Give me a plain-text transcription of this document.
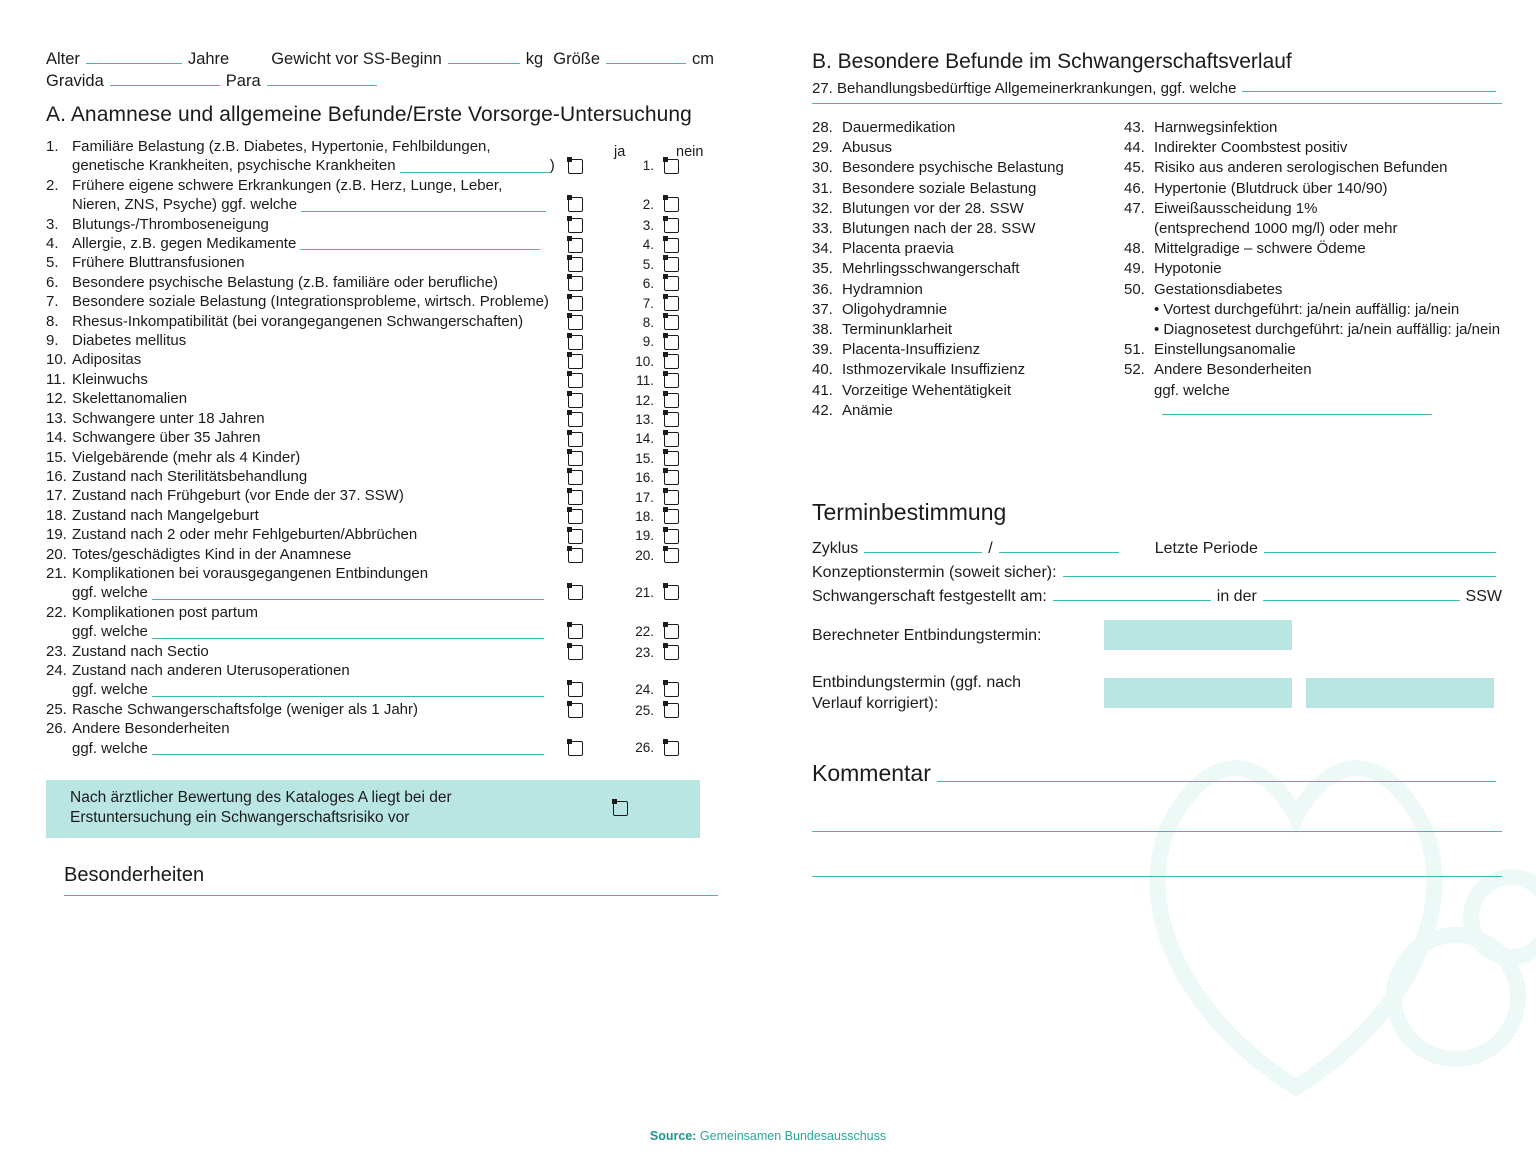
Alter	Jahre	Gewicht vor SS-Beginn	kg Größe	cm
Gravida	Para
A. Anamnese und allgemeine Befunde/Erste Vorsorge-Untersuchung
ja	nein
1. Familiäre Belastung (z.B. Diabetes, Hypertonie, Fehlbildungen,
genetische Krankheiten, psychische Krankheiten	)	1.
2. Frühere eigene schwere Erkrankungen (z.B. Herz, Lunge, Leber,
Nieren, ZNS, Psyche) ggf. welche	2.
3. Blutungs-/Thromboseneigung	3.
4. Allergie, z.B. gegen Medikamente	4.
5. Frühere Bluttransfusionen	5.
6. Besondere psychische Belastung (z.B. familiäre oder berufliche)	6.
7. Besondere soziale Belastung (Integrationsprobleme, wirtsch. Probleme)	7.
8. Rhesus-Inkompatibilität (bei vorangegangenen Schwangerschaften)	8.
9. Diabetes mellitus	9.
10. Adipositas	10.
11. Kleinwuchs	11.
12. Skelettanomalien	12.
13. Schwangere unter 18 Jahren	13.
14. Schwangere über 35 Jahren	14.
15. Vielgebärende (mehr als 4 Kinder)	15.
16. Zustand nach Sterilitätsbehandlung	16.
17. Zustand nach Frühgeburt (vor Ende der 37. SSW)	17.
18. Zustand nach Mangelgeburt	18.
19. Zustand nach 2 oder mehr Fehlgeburten/Abbrüchen	19.
20. Totes/geschädigtes Kind in der Anamnese	20.
21. Komplikationen bei vorausgegangenen Entbindungen
ggf. welche	21.
22. Komplikationen post partum
ggf. welche	22.
23. Zustand nach Sectio	23.
24. Zustand nach anderen Uterusoperationen
ggf. welche	24.
25. Rasche Schwangerschaftsfolge (weniger als 1 Jahr)	25.
26. Andere Besonderheiten
ggf. welche	26.
Nach ärztlicher Bewertung des Kataloges A liegt bei der
Erstuntersuchung ein Schwangerschaftsrisiko vor
Besonderheiten
B. Besondere Befunde im Schwangerschaftsverlauf
27. Behandlungsbedürftige Allgemeinerkrankungen, ggf. welche
28. Dauermedikation
29. Abusus
30. Besondere psychische Belastung
31. Besondere soziale Belastung
32. Blutungen vor der 28. SSW
33. Blutungen nach der 28. SSW
34. Placenta praevia
35. Mehrlingsschwangerschaft
36. Hydramnion
37. Oligohydramnie
38. Terminunklarheit
39. Placenta-Insuffizienz
40. Isthmozervikale Insuffizienz
41. Vorzeitige Wehentätigkeit
42. Anämie
43. Harnwegsinfektion
44. Indirekter Coombstest positiv
45. Risiko aus anderen serologischen Befunden
46. Hypertonie (Blutdruck über 140/90)
47. Eiweißausscheidung 1%
(entsprechend 1000 mg/l) oder mehr
48. Mittelgradige – schwere Ödeme
49. Hypotonie
50. Gestationsdiabetes
• Vortest durchgeführt: ja/nein auffällig: ja/nein
• Diagnosetest durchgeführt: ja/nein auffällig: ja/nein
51. Einstellungsanomalie
52. Andere Besonderheiten
ggf. welche
Terminbestimmung
Zyklus	/	Letzte Periode
Konzeptionstermin (soweit sicher):
Schwangerschaft festgestellt am:	in der	SSW
Berechneter Entbindungstermin:
Entbindungstermin (ggf. nach
Verlauf korrigiert):
Kommentar
Source: Gemeinsamen Bundesausschuss
